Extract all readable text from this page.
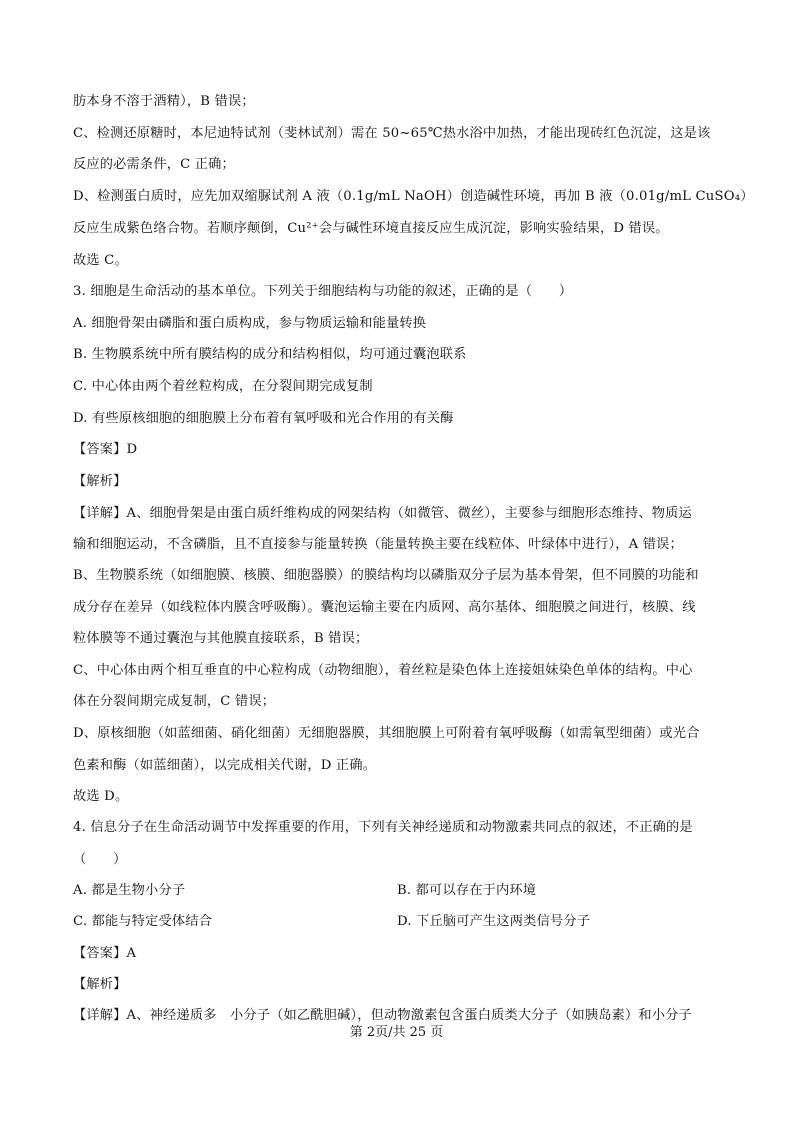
肪本身不溶于酒精），B 错误；
C、检测还原糖时，本尼迪特试剂（斐林试剂）需在 50~65℃热水浴中加热，才能出现砖红色沉淀，这是该
反应的必需条件，C 正确；
D、检测蛋白质时，应先加双缩脲试剂 A 液（0.1g/mL NaOH）创造碱性环境，再加 B 液（0.01g/mL CuSO₄）
反应生成紫色络合物。若顺序颠倒，Cu²⁺会与碱性环境直接反应生成沉淀，影响实验结果，D 错误。
故选 C。
3. 细胞是生命活动的基本单位。下列关于细胞结构与功能的叙述，正确的是（　　）
A. 细胞骨架由磷脂和蛋白质构成，参与物质运输和能量转换
B. 生物膜系统中所有膜结构的成分和结构相似，均可通过囊泡联系
C. 中心体由两个着丝粒构成，在分裂间期完成复制
D. 有些原核细胞的细胞膜上分布着有氧呼吸和光合作用的有关酶
【答案】D
【解析】
【详解】A、细胞骨架是由蛋白质纤维构成的网架结构（如微管、微丝），主要参与细胞形态维持、物质运
输和细胞运动，不含磷脂，且不直接参与能量转换（能量转换主要在线粒体、叶绿体中进行），A 错误；
B、生物膜系统（如细胞膜、核膜、细胞器膜）的膜结构均以磷脂双分子层为基本骨架，但不同膜的功能和
成分存在差异（如线粒体内膜含呼吸酶）。囊泡运输主要在内质网、高尔基体、细胞膜之间进行，核膜、线
粒体膜等不通过囊泡与其他膜直接联系，B 错误；
C、中心体由两个相互垂直的中心粒构成（动物细胞），着丝粒是染色体上连接姐妹染色单体的结构。中心
体在分裂间期完成复制，C 错误；
D、原核细胞（如蓝细菌、硝化细菌）无细胞器膜，其细胞膜上可附着有氧呼吸酶（如需氧型细菌）或光合
色素和酶（如蓝细菌），以完成相关代谢，D 正确。
故选 D。
4. 信息分子在生命活动调节中发挥重要的作用，下列有关神经递质和动物激素共同点的叙述，不正确的是
（　　）
A. 都是生物小分子	B. 都可以存在于内环境
C. 都能与特定受体结合	D. 下丘脑可产生这两类信号分子
【答案】A
【解析】
【详解】A、神经递质多　小分子（如乙酰胆碱），但动物激素包含蛋白质类大分子（如胰岛素）和小分子
第 2页/共 25 页
